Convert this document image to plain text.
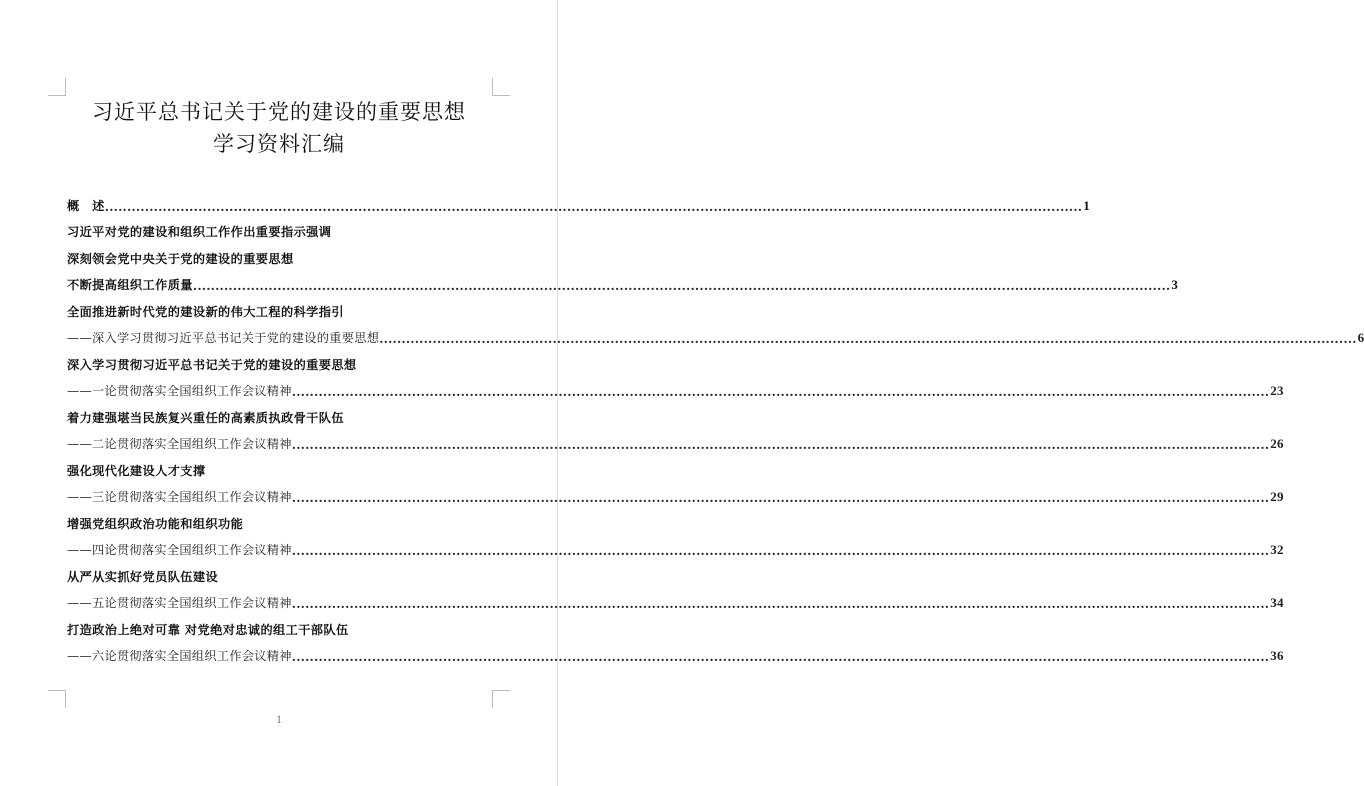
习近平总书记关于党的建设的重要思想
学习资料汇编
概　述 ............................................................................................................................................................................................................................ 1
习近平对党的建设和组织工作作出重要指示强调
深刻领会党中央关于党的建设的重要思想
不断提高组织工作质量 ............................................................................................................................................................................................................................ 3
全面推进新时代党的建设新的伟大工程的科学指引
——深入学习贯彻习近平总书记关于党的建设的重要思想 ............................................................................................................................................................................................................................ 6
深入学习贯彻习近平总书记关于党的建设的重要思想
——一论贯彻落实全国组织工作会议精神 ............................................................................................................................................................................................................................ 23
着力建强堪当民族复兴重任的高素质执政骨干队伍
——二论贯彻落实全国组织工作会议精神 ............................................................................................................................................................................................................................ 26
强化现代化建设人才支撑
——三论贯彻落实全国组织工作会议精神 ............................................................................................................................................................................................................................ 29
增强党组织政治功能和组织功能
——四论贯彻落实全国组织工作会议精神 ............................................................................................................................................................................................................................ 32
从严从实抓好党员队伍建设
——五论贯彻落实全国组织工作会议精神 ............................................................................................................................................................................................................................ 34
打造政治上绝对可靠 对党绝对忠诚的组工干部队伍
——六论贯彻落实全国组织工作会议精神 ............................................................................................................................................................................................................................ 36
1
